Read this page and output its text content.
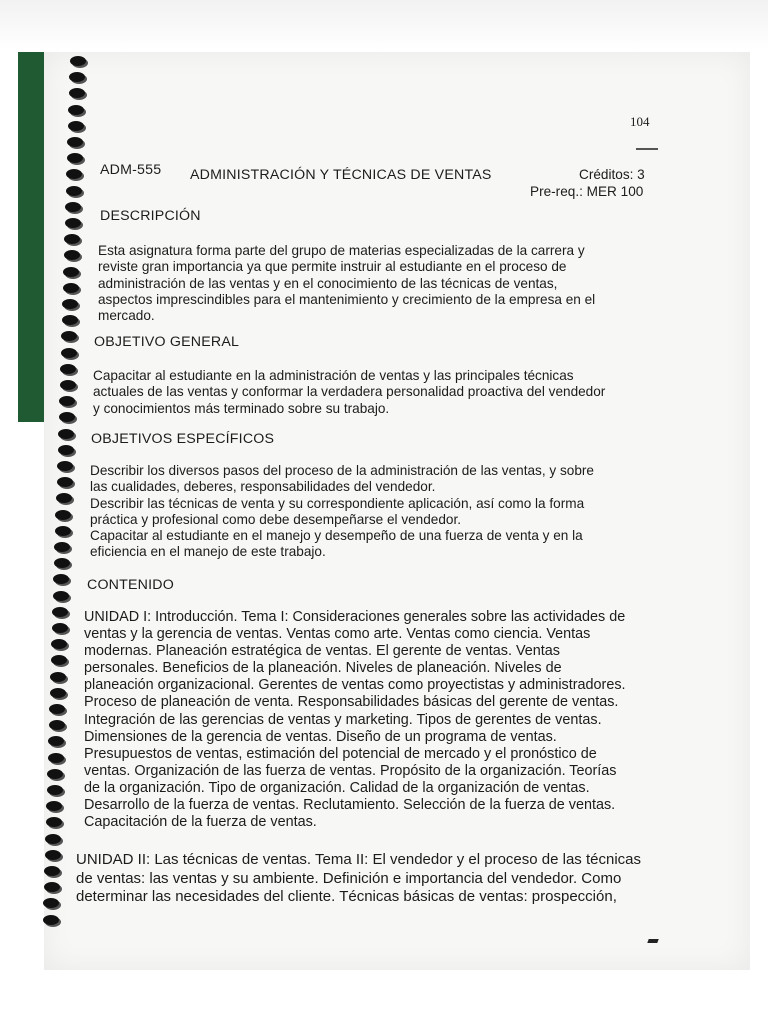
104
ADM-555 ADMINISTRACIÓN Y TÉCNICAS DE VENTAS	Créditos: 3
Pre-req.: MER 100
DESCRIPCIÓN
Esta asignatura forma parte del grupo de materias especializadas de la carrera y
reviste gran importancia ya que permite instruir al estudiante en el proceso de
administración de las ventas y en el conocimiento de las técnicas de ventas,
aspectos imprescindibles para el mantenimiento y crecimiento de la empresa en el
mercado.
OBJETIVO GENERAL
Capacitar al estudiante en la administración de ventas y las principales técnicas
actuales de las ventas y conformar la verdadera personalidad proactiva del vendedor
y conocimientos más terminado sobre su trabajo.
OBJETIVOS ESPECÍFICOS
Describir los diversos pasos del proceso de la administración de las ventas, y sobre
las cualidades, deberes, responsabilidades del vendedor.
Describir las técnicas de venta y su correspondiente aplicación, así como la forma
práctica y profesional como debe desempeñarse el vendedor.
Capacitar al estudiante en el manejo y desempeño de una fuerza de venta y en la
eficiencia en el manejo de este trabajo.
CONTENIDO
UNIDAD I: Introducción. Tema I: Consideraciones generales sobre las actividades de
ventas y la gerencia de ventas. Ventas como arte. Ventas como ciencia. Ventas
modernas. Planeación estratégica de ventas. El gerente de ventas. Ventas
personales. Beneficios de la planeación. Niveles de planeación. Niveles de
planeación organizacional. Gerentes de ventas como proyectistas y administradores.
Proceso de planeación de venta. Responsabilidades básicas del gerente de ventas.
Integración de las gerencias de ventas y marketing. Tipos de gerentes de ventas.
Dimensiones de la gerencia de ventas. Diseño de un programa de ventas.
Presupuestos de ventas, estimación del potencial de mercado y el pronóstico de
ventas. Organización de las fuerza de ventas. Propósito de la organización. Teorías
de la organización. Tipo de organización. Calidad de la organización de ventas.
Desarrollo de la fuerza de ventas. Reclutamiento. Selección de la fuerza de ventas.
Capacitación de la fuerza de ventas.
UNIDAD II: Las técnicas de ventas. Tema II: El vendedor y el proceso de las técnicas
de ventas: las ventas y su ambiente. Definición e importancia del vendedor. Como
determinar las necesidades del cliente. Técnicas básicas de ventas: prospección,
